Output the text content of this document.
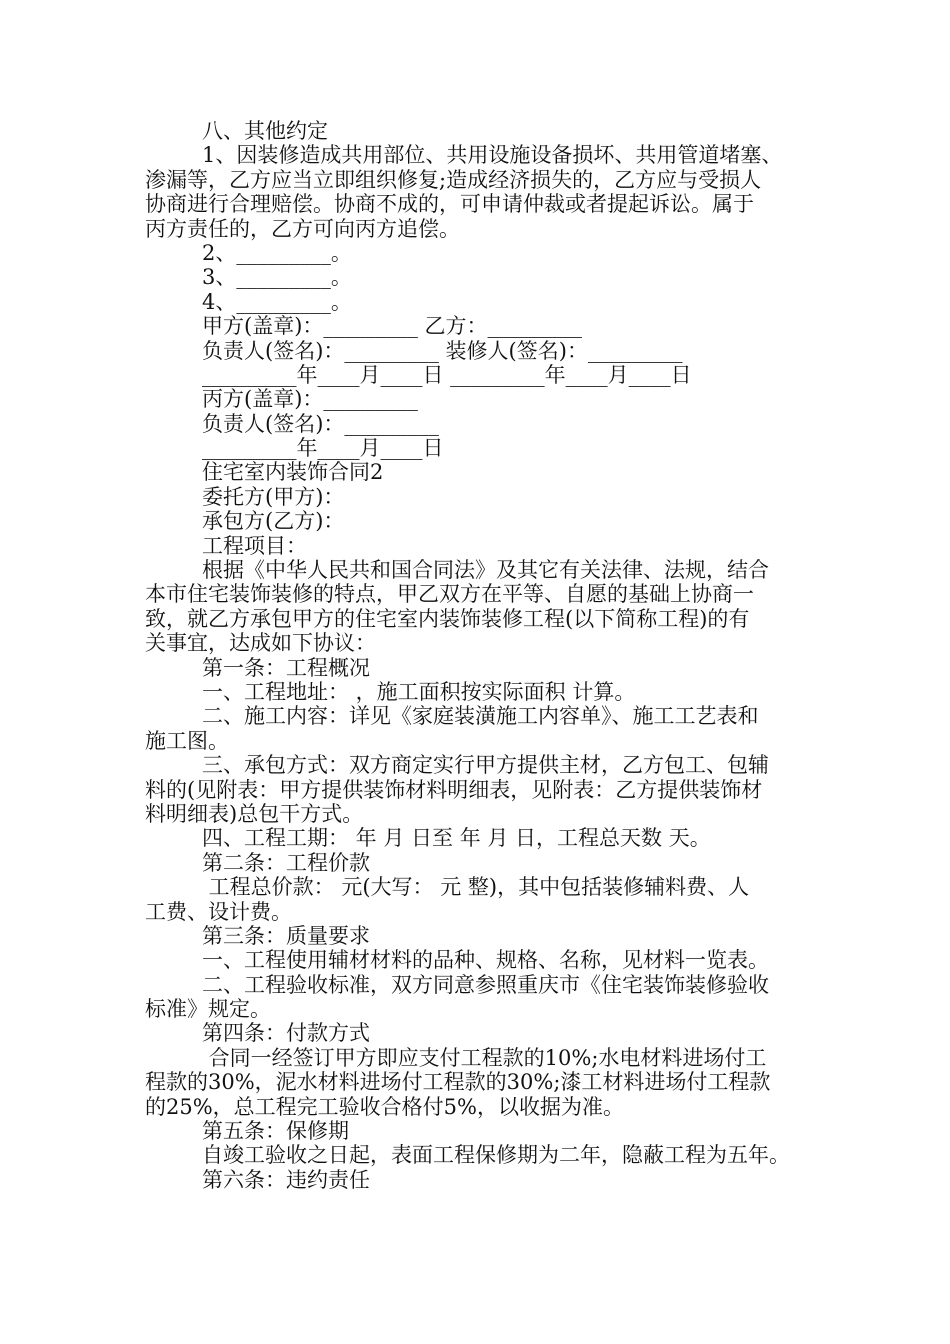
八、其他约定
1、因装修造成共用部位、共用设施设备损坏、共用管道堵塞、
渗漏等，乙方应当立即组织修复;造成经济损失的，乙方应与受损人
协商进行合理赔偿。协商不成的，可申请仲裁或者提起诉讼。属于
丙方责任的，乙方可向丙方追偿。
2、_________。
3、_________。
4、_________。
甲方(盖章)：_________ 乙方：_________
负责人(签名)：_________ 装修人(签名)：_________
_________年____月____日 _________年____月____日
丙方(盖章)：_________
负责人(签名)：_________
_________年____月____日
住宅室内装饰合同2
委托方(甲方)：
承包方(乙方)：
工程项目：
根据《中华人民共和国合同法》及其它有关法律、法规，结合
本市住宅装饰装修的特点，甲乙双方在平等、自愿的基础上协商一
致，就乙方承包甲方的住宅室内装饰装修工程(以下简称工程)的有
关事宜，达成如下协议：
第一条：工程概况
一、工程地址： ，施工面积按实际面积 计算。
二、施工内容：详见《家庭装潢施工内容单》、施工工艺表和
施工图。
三、承包方式：双方商定实行甲方提供主材，乙方包工、包辅
料的(见附表：甲方提供装饰材料明细表，见附表：乙方提供装饰材
料明细表)总包干方式。
四、工程工期： 年 月 日至 年 月 日，工程总天数 天。
第二条：工程价款
工程总价款： 元(大写： 元 整)，其中包括装修辅料费、人
工费、设计费。
第三条：质量要求
一、工程使用辅材材料的品种、规格、名称，见材料一览表。
二、工程验收标准，双方同意参照重庆市《住宅装饰装修验收
标准》规定。
第四条：付款方式
合同一经签订甲方即应支付工程款的10%;水电材料进场付工
程款的30%，泥水材料进场付工程款的30%;漆工材料进场付工程款
的25%，总工程完工验收合格付5%，以收据为准。
第五条：保修期
自竣工验收之日起，表面工程保修期为二年，隐蔽工程为五年。
第六条：违约责任
